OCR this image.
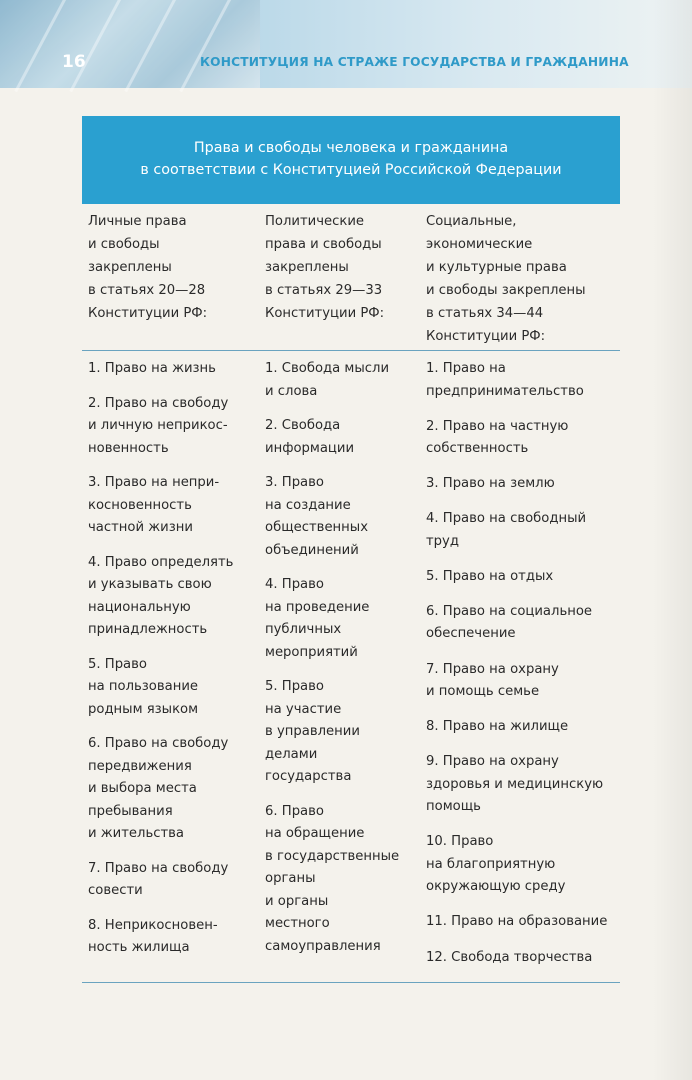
16	КОНСТИТУЦИЯ НА СТРАЖЕ ГОСУДАРСТВА И ГРАЖДАНИНА
Права и свободы человека и гражданина
в соответствии с Конституцией Российской Федерации
Личные права
и свободы
закреплены
в статьях 20—28
Конституции РФ:
Политические
права и свободы
закреплены
в статьях 29—33
Конституции РФ:
Социальные,
экономические
и культурные права
и свободы закреплены
в статьях 34—44
Конституции РФ:
1. Право на жизнь
2. Право на свободу
и личную неприкос-
новенность
3. Право на непри-
косновенность
частной жизни
4. Право определять
и указывать свою
национальную
принадлежность
5. Право
на пользование
родным языком
6. Право на свободу
передвижения
и выбора места
пребывания
и жительства
7. Право на свободу
совести
8. Неприкосновен-
ность жилища
1. Свобода мысли
и слова
2. Свобода
информации
3. Право
на создание
общественных
объединений
4. Право
на проведение
публичных
мероприятий
5. Право
на участие
в управлении
делами
государства
6. Право
на обращение
в государственные
органы
и органы
местного
самоуправления
1. Право на
предпринимательство
2. Право на частную
собственность
3. Право на землю
4. Право на свободный
труд
5. Право на отдых
6. Право на социальное
обеспечение
7. Право на охрану
и помощь семье
8. Право на жилище
9. Право на охрану
здоровья и медицинскую
помощь
10. Право
на благоприятную
окружающую среду
11. Право на образование
12. Свобода творчества
